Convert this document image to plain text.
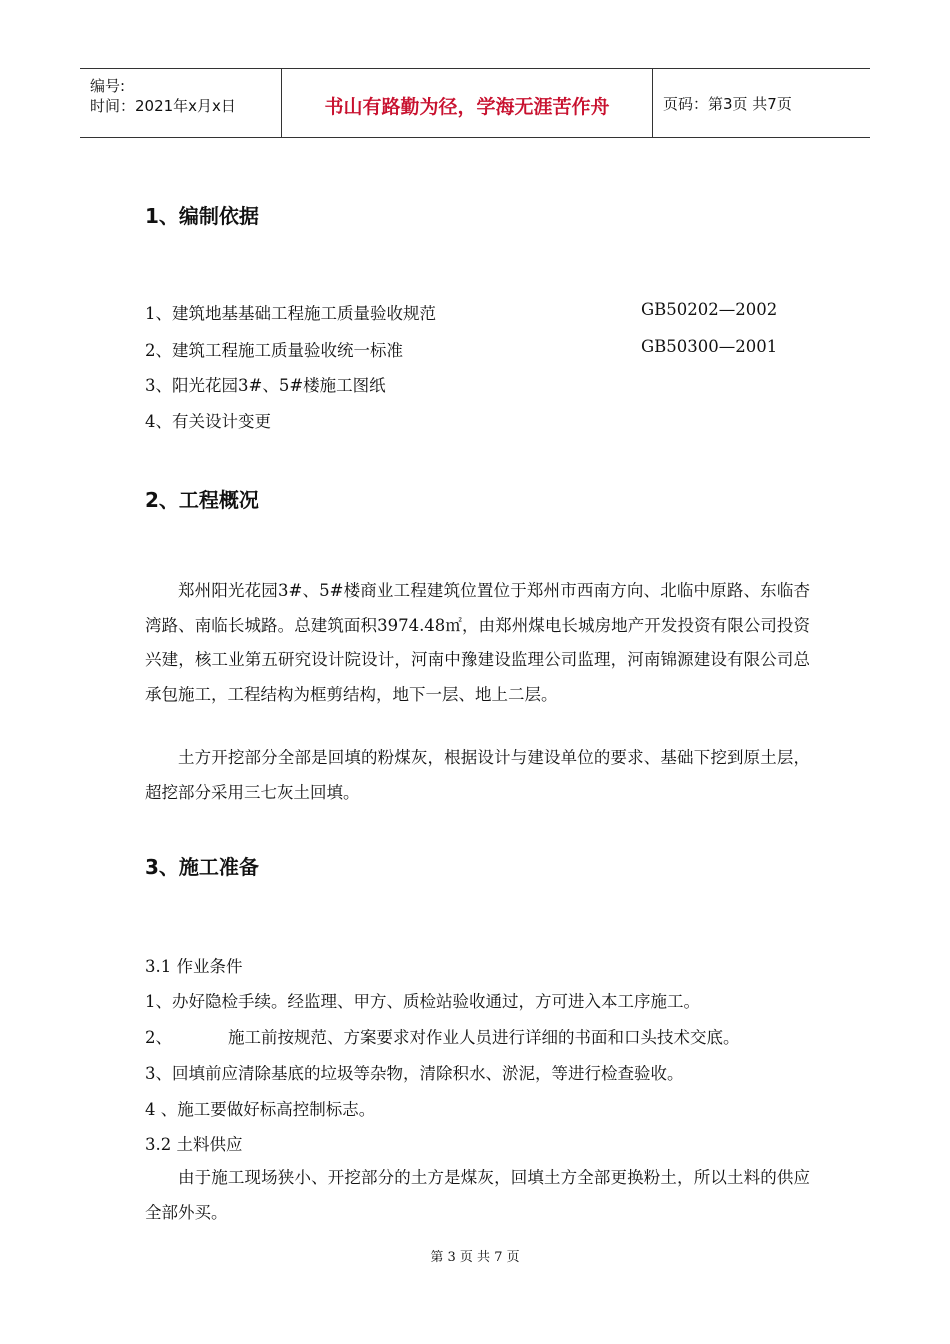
编号:
时间：2021年x月x日	书山有路勤为径，学海无涯苦作舟	页码：第3页 共7页
1、编制依据
1、建筑地基基础工程施工质量验收规范	GB50202—2002
2、建筑工程施工质量验收统一标准	GB50300—2001
3、阳光花园3#、5#楼施工图纸
4、有关设计变更
2、工程概况

郑州阳光花园3#、5#楼商业工程建筑位置位于郑州市西南方向、北临中原路、东临杏湾路、南临长城路。总建筑面积3974.48㎡，由郑州煤电长城房地产开发投资有限公司投资兴建，核工业第五研究设计院设计，河南中豫建设监理公司监理，河南锦源建设有限公司总承包施工，工程结构为框剪结构，地下一层、地上二层。

土方开挖部分全部是回填的粉煤灰，根据设计与建设单位的要求、基础下挖到原土层，超挖部分采用三七灰土回填。

3、施工准备
3.1 作业条件
1、办好隐检手续。经监理、甲方、质检站验收通过，方可进入本工序施工。
2、	施工前按规范、方案要求对作业人员进行详细的书面和口头技术交底。
3、回填前应清除基底的垃圾等杂物，清除积水、淤泥，等进行检查验收。
4 、施工要做好标高控制标志。
3.2 土料供应

由于施工现场狭小、开挖部分的土方是煤灰，回填土方全部更换粉土，所以土料的供应全部外买。

第 3 页 共 7 页
